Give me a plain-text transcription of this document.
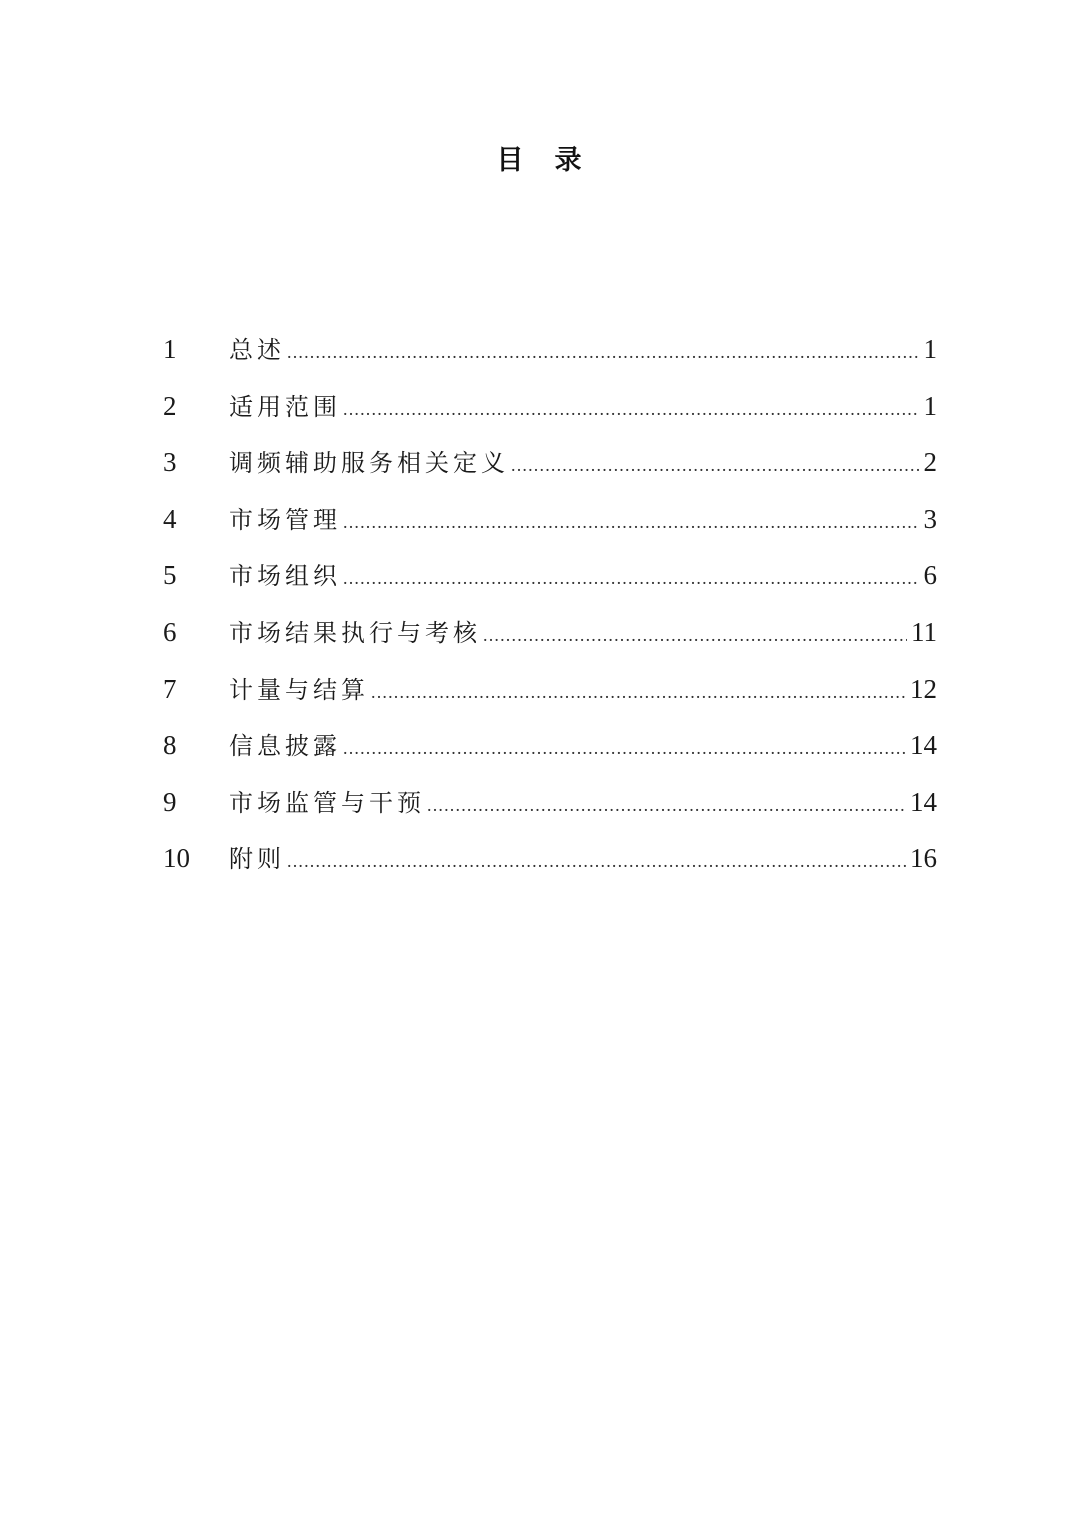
目　录
1	总述 .....	1
2	适用范围 .....	1
3	调频辅助服务相关定义 .....	2
4	市场管理 .....	3
5	市场组织 .....	6
6	市场结果执行与考核 .....	11
7	计量与结算 .....	12
8	信息披露 .....	14
9	市场监管与干预 .....	14
10	附则 .....	16
